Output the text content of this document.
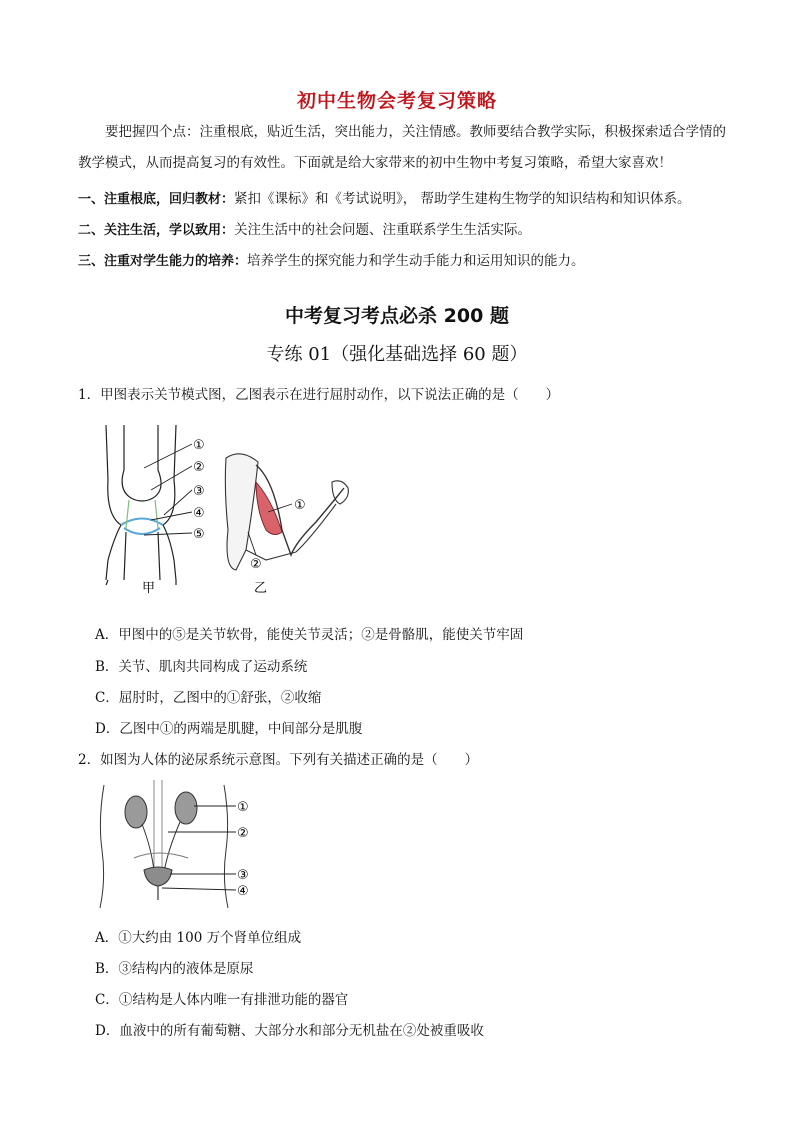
初中生物会考复习策略
要把握四个点：注重根底，贴近生活，突出能力，关注情感。教师要结合教学实际，积极探索适合学情的教学模式，从而提高复习的有效性。下面就是给大家带来的初中生物中考复习策略，希望大家喜欢！
一、注重根底，回归教材：紧扣《课标》和《考试说明》， 帮助学生建构生物学的知识结构和知识体系。
二、关注生活，学以致用：关注生活中的社会问题、注重联系学生生活实际。
三、注重对学生能力的培养：培养学生的探究能力和学生动手能力和运用知识的能力。
中考复习考点必杀 200 题
专练 01（强化基础选择 60 题）
1．甲图表示关节模式图，乙图表示在进行屈肘动作，以下说法正确的是（　　）
①
②
③
④
⑤
甲
①
②
乙
A．甲图中的⑤是关节软骨，能使关节灵活；②是骨骼肌，能使关节牢固
B．关节、肌肉共同构成了运动系统
C．屈肘时，乙图中的①舒张，②收缩
D．乙图中①的两端是肌腱，中间部分是肌腹
2．如图为人体的泌尿系统示意图。下列有关描述正确的是（　　）
①
②
③
④
A．①大约由 100 万个肾单位组成
B．③结构内的液体是原尿
C．①结构是人体内唯一有排泄功能的器官
D．血液中的所有葡萄糖、大部分水和部分无机盐在②处被重吸收
